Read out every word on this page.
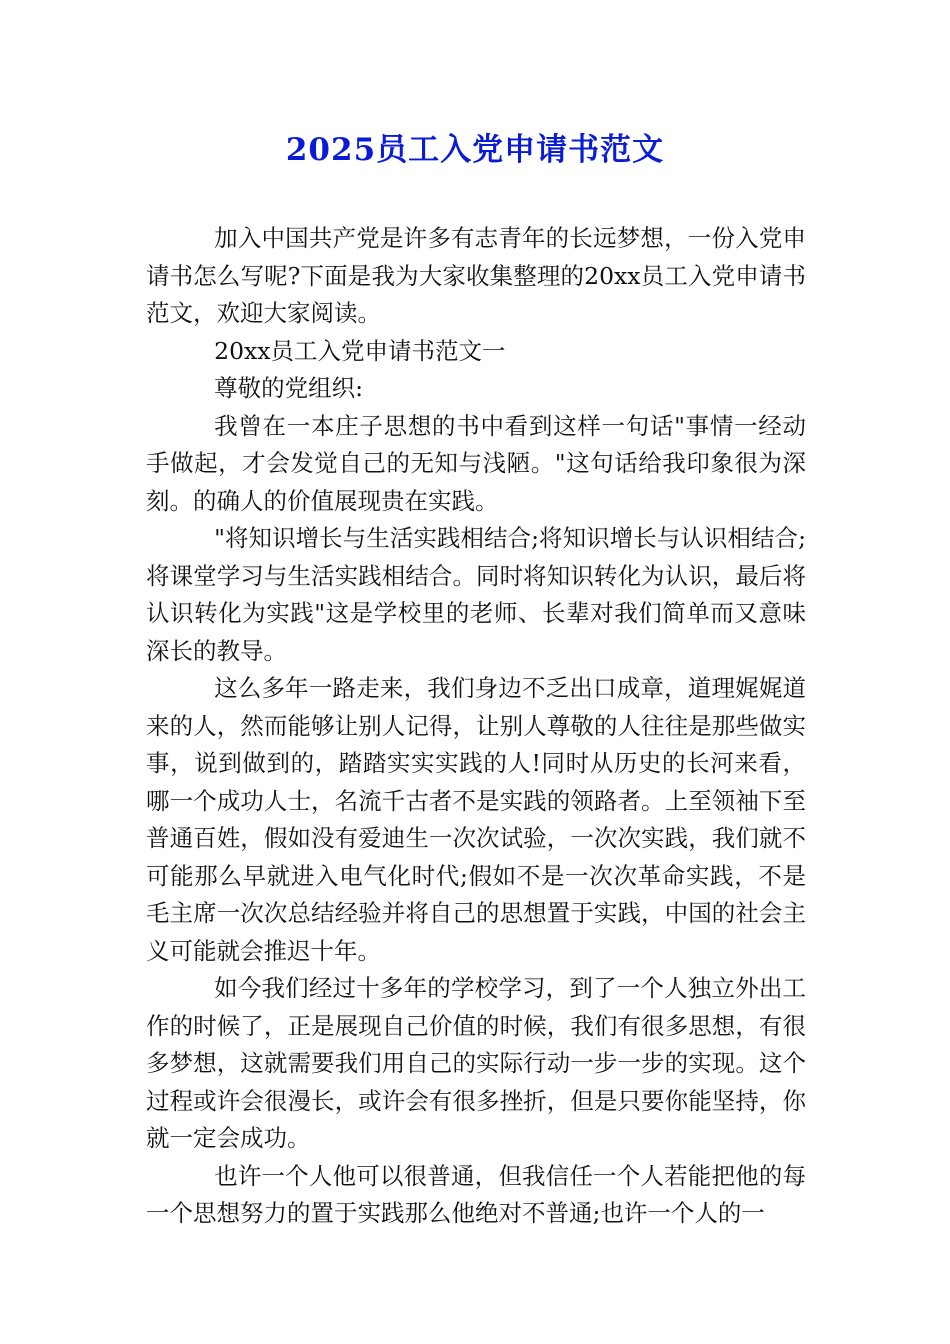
2025员工入党申请书范文

加入中国共产党是许多有志青年的长远梦想，一份入党申请书怎么写呢?下面是我为大家收集整理的20xx员工入党申请书范文，欢迎大家阅读。

20xx员工入党申请书范文一

尊敬的党组织:

我曾在一本庄子思想的书中看到这样一句话"事情一经动手做起，才会发觉自己的无知与浅陋。"这句话给我印象很为深刻。的确人的价值展现贵在实践。

"将知识增长与生活实践相结合;将知识增长与认识相结合;将课堂学习与生活实践相结合。同时将知识转化为认识，最后将认识转化为实践"这是学校里的老师、长辈对我们简单而又意味深长的教导。

这么多年一路走来，我们身边不乏出口成章，道理娓娓道来的人，然而能够让别人记得，让别人尊敬的人往往是那些做实事，说到做到的，踏踏实实实践的人!同时从历史的长河来看，哪一个成功人士，名流千古者不是实践的领路者。上至领袖下至普通百姓，假如没有爱迪生一次次试验，一次次实践，我们就不可能那么早就进入电气化时代;假如不是一次次革命实践，不是毛主席一次次总结经验并将自己的思想置于实践，中国的社会主义可能就会推迟十年。

如今我们经过十多年的学校学习，到了一个人独立外出工作的时候了，正是展现自己价值的时候，我们有很多思想，有很多梦想，这就需要我们用自己的实际行动一步一步的实现。这个过程或许会很漫长，或许会有很多挫折，但是只要你能坚持，你就一定会成功。

也许一个人他可以很普通，但我信任一个人若能把他的每一个思想努力的置于实践那么他绝对不普通;也许一个人的一
